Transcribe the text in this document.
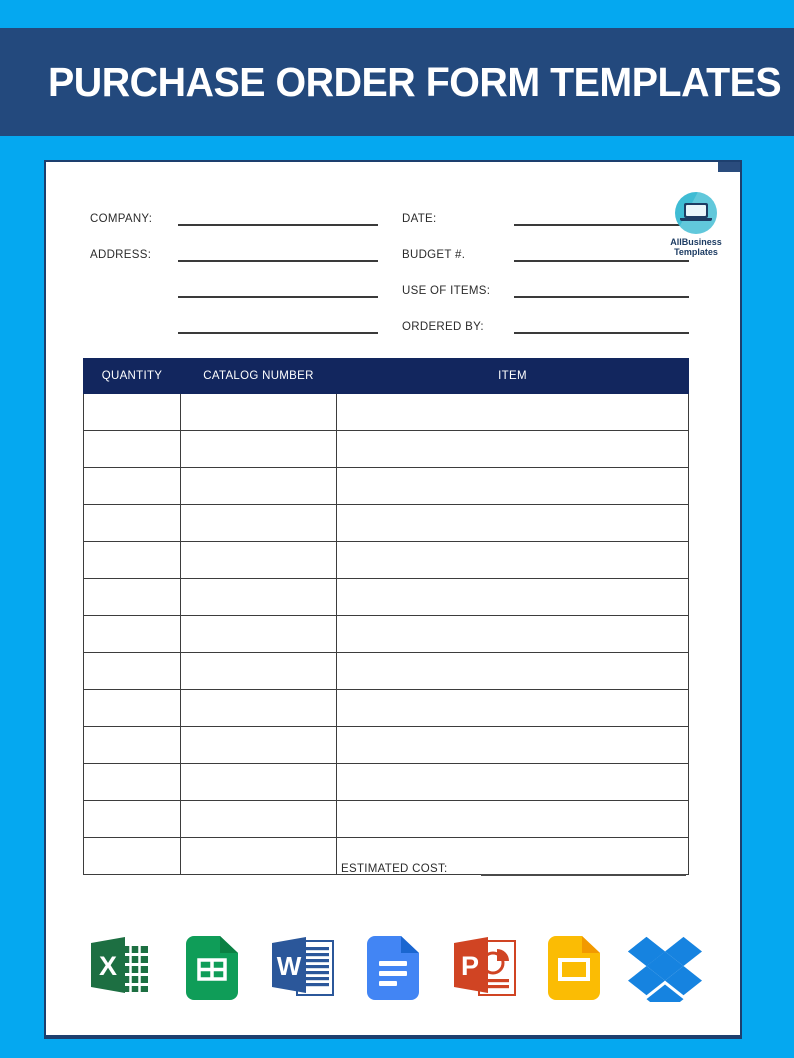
PURCHASE ORDER FORM TEMPLATES
COMPANY:
ADDRESS:
DATE:
BUDGET #.
USE OF ITEMS:
ORDERED BY:
AllBusiness
Templates
QUANTITY	CATALOG NUMBER	ITEM

ESTIMATED COST:
X	W	P
